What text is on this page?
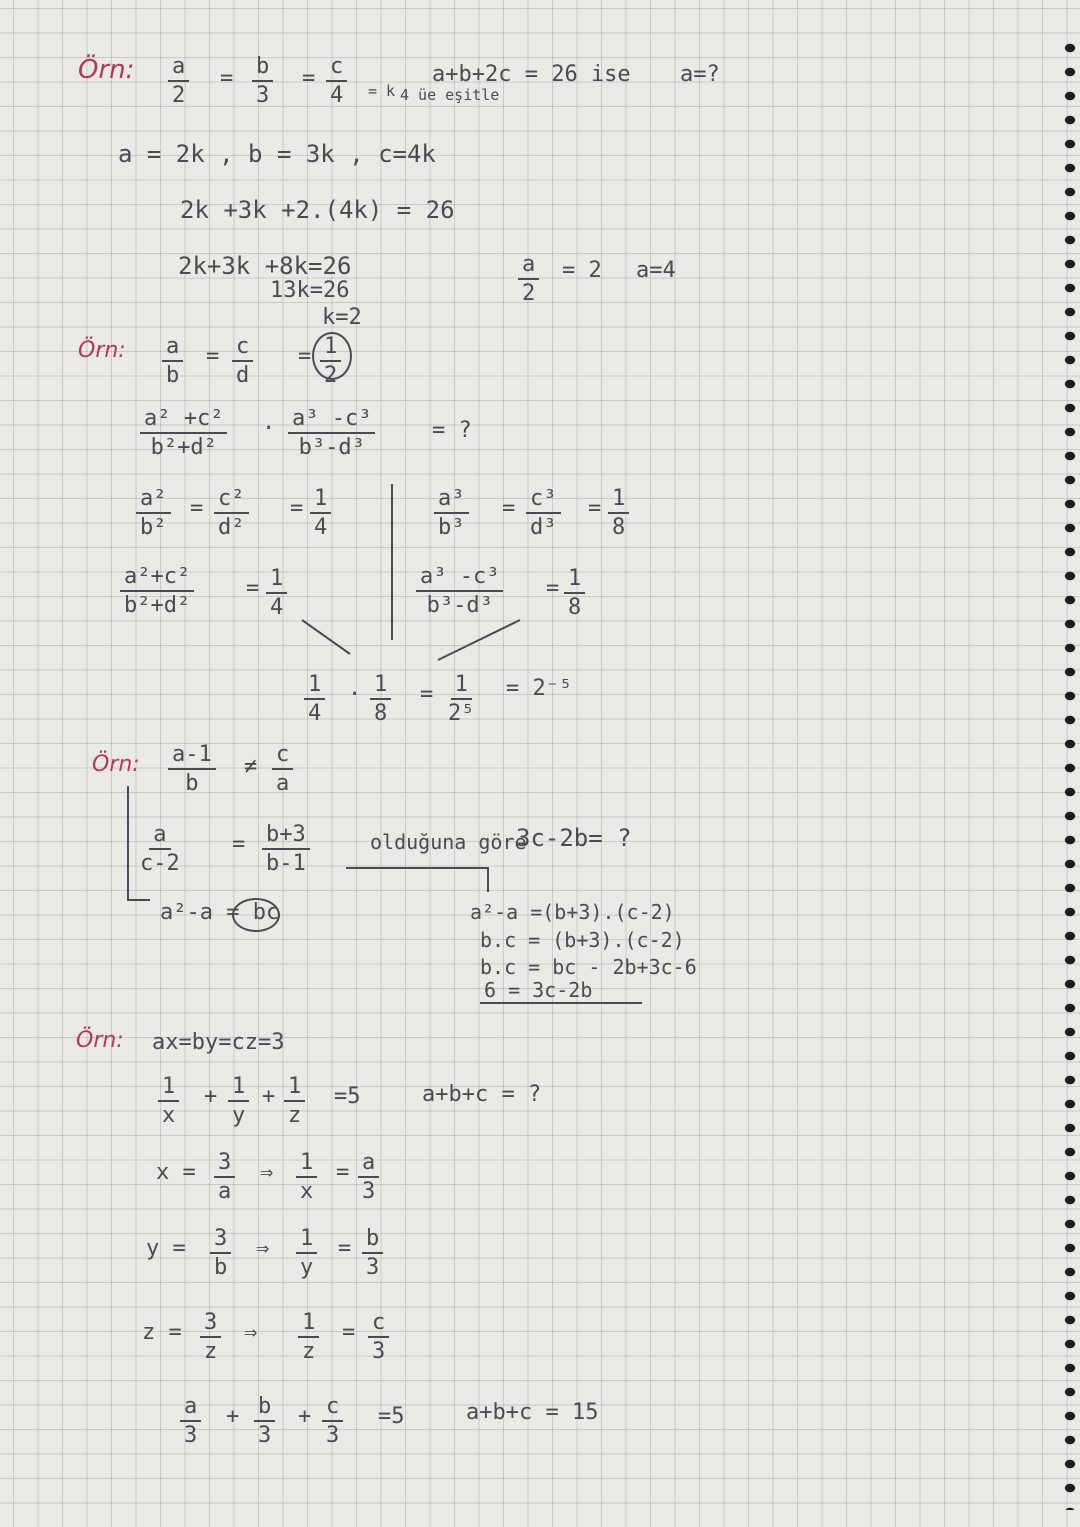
Örn: $\frac{a}{2} = \frac{b}{3} = \frac{c}{4} = k$ 4 üe eşitle
a+b+2c = 26 ise a=?
a = 2k , b = 3k , c=4k
2k +3k +2.(4k) = 26
2k+3k +8k=26
13k=26
k=2
$\frac{a}{2} = 2$ a=4
Örn: $\frac{a}{b} = \frac{c}{d} = \frac{1}{2}$
$\frac{\text{a² +c²}}{\text{b²+d²}} \cdot \frac{\text{a³ -c³}}{\text{b³-d³}}$	= ?
$\frac{\text{a²}}{\text{b²}} = \frac{\text{c²}}{\text{d²}} = \frac{1}{4}$	$\frac{\text{a³}}{\text{b³}} = \frac{\text{c³}}{\text{d³}} = \frac{1}{8}$
$\frac{\text{a²+c²}}{\text{b²+d²}} = \frac{1}{4}$	$\frac{\text{a³ -c³}}{\text{b³-d³}} = \frac{1}{8}$
$\frac{1}{4} \cdot \frac{1}{8} = \frac{1}{\text{2⁵}} = 2^{-5}$
Örn: $\frac{a-1}{b} \ne \frac{c}{a}$
$\frac{a}{c-2} = \frac{b+3}{b-1}$	olduğuna göre
3c-2b= ?
a²-a = bc	a²-a =(b+3).(c-2)
b.c = (b+3).(c-2)
b.c = bc - 2b+3c-6
6 = 3c-2b
Örn: ax=by=cz=3
$\frac{1}{x} + \frac{1}{y} + \frac{1}{z} =5$	a+b+c = ?
$x = \frac{3}{a}$ ⇒ $\frac{1}{x} = \frac{a}{3}$
$y = \frac{3}{b}$ ⇒ $\frac{1}{y} = \frac{b}{3}$
$z = \frac{3}{z}$ ⇒ $\frac{1}{z} = \frac{c}{3}$
$\frac{a}{3} + \frac{b}{3} + \frac{c}{3} =5$	a+b+c = 15
